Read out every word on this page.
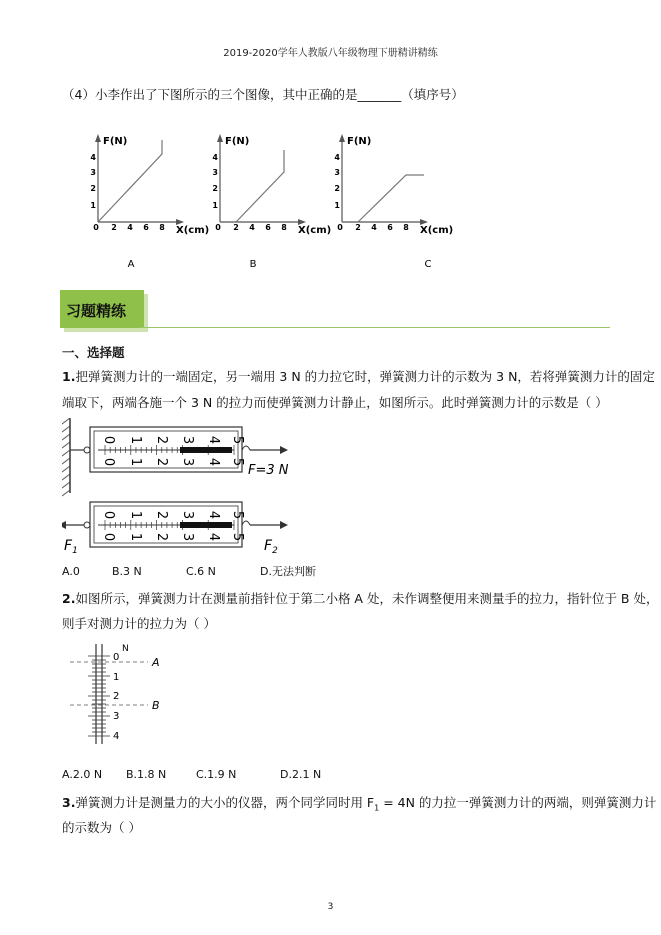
2019-2020学年人教版八年级物理下册精讲精练
（4）小李作出了下图所示的三个图像，其中正确的是_______（填序号）
F(N)
X(cm)
1
2
3
4
0 2 4 6 8
A
F(N)
X(cm)
1
2
3
4
0 2 4 6 8
B
F(N)
X(cm)
1
2
3
4
0 2 4 6 8
C
习题精练
一、选择题
1.把弹簧测力计的一端固定，另一端用 3 N 的力拉它时，弹簧测力计的示数为 3 N，若将弹簧测力计的固定
端取下，两端各施一个 3 N 的拉力而使弹簧测力计静止，如图所示。此时弹簧测力计的示数是（ ）
0 1 2 3 4 5
0 1 2 3 4 5
F=3 N
0 1 2 3 4 5
0 1 2 3 4 5
$F_1$	$F_2$
A.0	B.3 N	C.6 N	D.无法判断
2.如图所示，弹簧测力计在测量前指针位于第二小格 A 处，未作调整便用来测量手的拉力，指针位于 B 处，
则手对测力计的拉力为（ ）
N
0
1
2
3
4
A
B
A.2.0 N B.1.8 N	C.1.9 N	D.2.1 N
3.弹簧测力计是测量力的大小的仪器，两个同学同时用 $F_1 = 4N$ 的力拉一弹簧测力计的两端，则弹簧测力计
的示数为（ ）
3
